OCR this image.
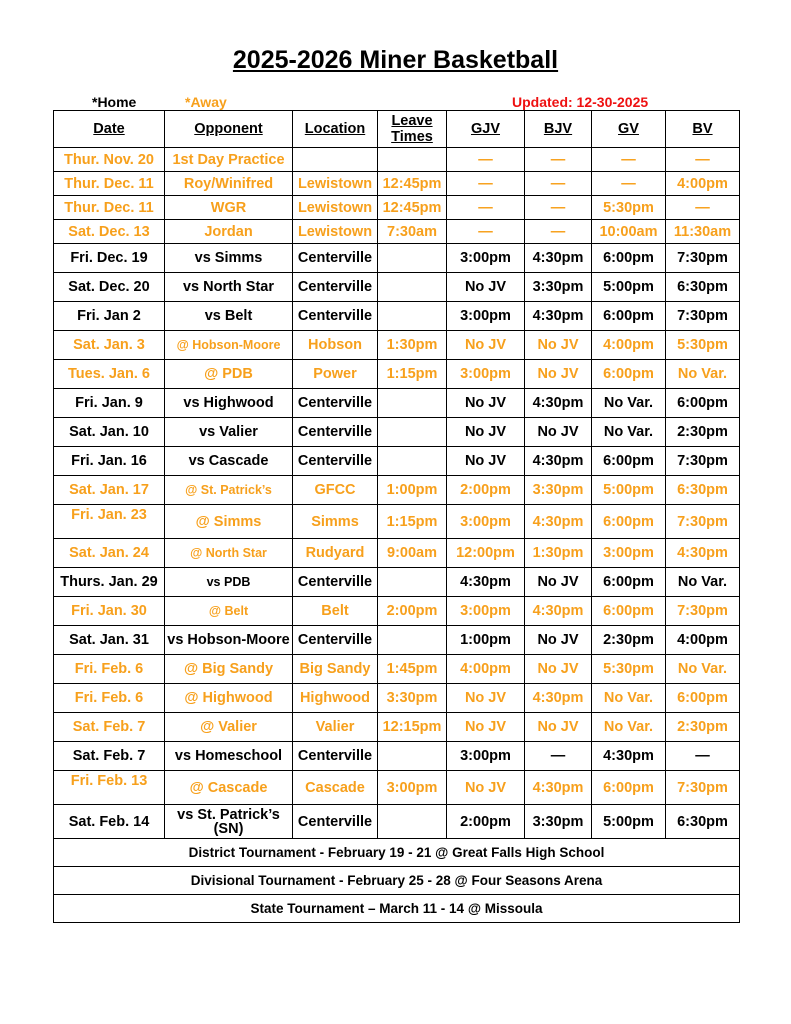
2025-2026 Miner Basketball
*Home	*Away	Updated: 12-30-2025
Date	Opponent	Location	Leave Times	GJV	BJV	GV	BV
Thur. Nov. 20	1st Day Practice			—	—	—	—
Thur. Dec. 11	Roy/Winifred	Lewistown	12:45pm	—	—	—	4:00pm
Thur. Dec. 11	WGR	Lewistown	12:45pm	—	—	5:30pm	—
Sat. Dec. 13	Jordan	Lewistown	7:30am	—	—	10:00am	11:30am
Fri. Dec. 19	vs Simms	Centerville		3:00pm	4:30pm	6:00pm	7:30pm
Sat. Dec. 20	vs North Star	Centerville		No JV	3:30pm	5:00pm	6:30pm
Fri. Jan 2	vs Belt	Centerville		3:00pm	4:30pm	6:00pm	7:30pm
Sat. Jan. 3	@ Hobson-Moore	Hobson	1:30pm	No JV	No JV	4:00pm	5:30pm
Tues. Jan. 6	@ PDB	Power	1:15pm	3:00pm	No JV	6:00pm	No Var.
Fri. Jan. 9	vs Highwood	Centerville		No JV	4:30pm	No Var.	6:00pm
Sat. Jan. 10	vs Valier	Centerville		No JV	No JV	No Var.	2:30pm
Fri. Jan. 16	vs Cascade	Centerville		No JV	4:30pm	6:00pm	7:30pm
Sat. Jan. 17	@ St. Patrick’s	GFCC	1:00pm	2:00pm	3:30pm	5:00pm	6:30pm
Fri. Jan. 23	@ Simms	Simms	1:15pm	3:00pm	4:30pm	6:00pm	7:30pm
Sat. Jan. 24	@ North Star	Rudyard	9:00am	12:00pm	1:30pm	3:00pm	4:30pm
Thurs. Jan. 29	vs PDB	Centerville		4:30pm	No JV	6:00pm	No Var.
Fri. Jan. 30	@ Belt	Belt	2:00pm	3:00pm	4:30pm	6:00pm	7:30pm
Sat. Jan. 31	vs Hobson-Moore	Centerville		1:00pm	No JV	2:30pm	4:00pm
Fri. Feb. 6	@ Big Sandy	Big Sandy	1:45pm	4:00pm	No JV	5:30pm	No Var.
Fri. Feb. 6	@ Highwood	Highwood	3:30pm	No JV	4:30pm	No Var.	6:00pm
Sat. Feb. 7	@ Valier	Valier	12:15pm	No JV	No JV	No Var.	2:30pm
Sat. Feb. 7	vs Homeschool	Centerville		3:00pm	—	4:30pm	—
Fri. Feb. 13	@ Cascade	Cascade	3:00pm	No JV	4:30pm	6:00pm	7:30pm
Sat. Feb. 14	vs St. Patrick’s (SN)	Centerville		2:00pm	3:30pm	5:00pm	6:30pm
District Tournament - February 19 - 21 @ Great Falls High School							
Divisional Tournament - February 25 - 28 @ Four Seasons Arena							
State Tournament – March 11 - 14 @ Missoula							
